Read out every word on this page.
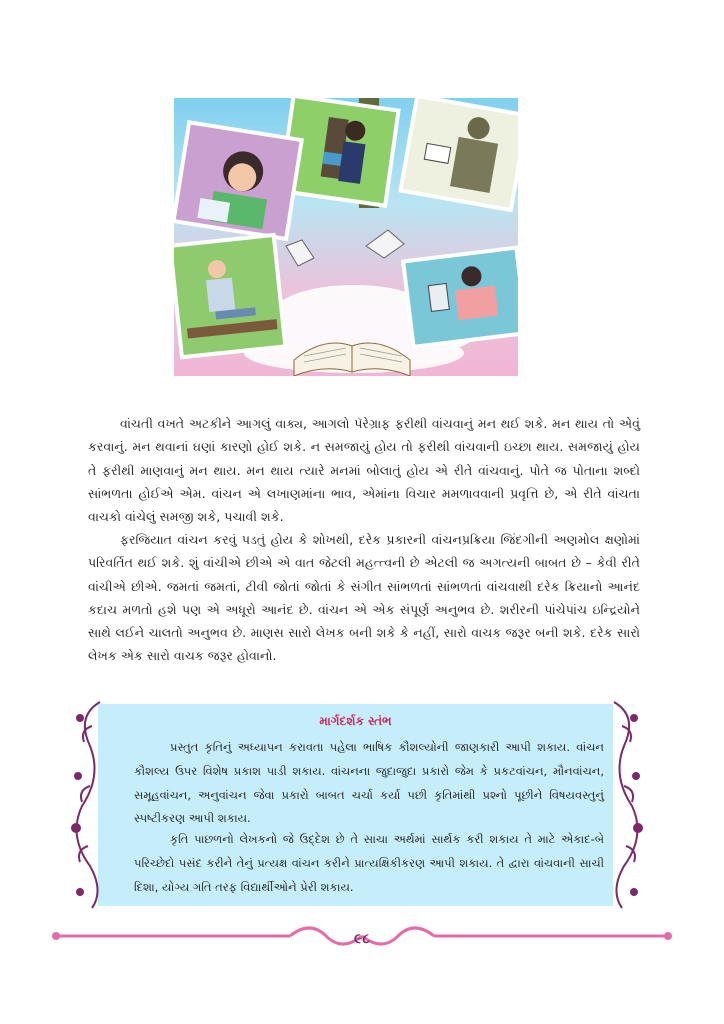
વાંચતી વખતે અટકીને આગલું વાક્ય, આગલો પૅરેગ્રાફ ફરીથી વાંચવાનું મન થઈ શકે. મન થાય તો એવું કરવાનું. મન થવાનાં ઘણાં કારણો હોઈ શકે. ન સમજાયું હોય તો ફરીથી વાંચવાની ઇચ્છા થાય. સમજાયું હોય તે ફરીથી માણવાનું મન થાય. મન થાય ત્યારે મનમાં બોલાતું હોય એ રીતે વાંચવાનું. પોતે જ પોતાના શબ્દો સાંભળતા હોઈએ એમ. વાંચન એ લખાણમાંના ભાવ, એમાંના વિચાર મમળાવવાની પ્રવૃત્તિ છે, એ રીતે વાંચતા વાચકો વાંચેલું સમજી શકે, પચાવી શકે.

ફરજિયાત વાંચન કરવું પડતું હોય કે શોખથી, દરેક પ્રકારની વાંચનપ્રક્રિયા જિંદગીની અણમોલ ક્ષણોમાં પરિવર્તિત થઈ શકે. શું વાંચીએ છીએ એ વાત જેટલી મહત્ત્વની છે એટલી જ અગત્યની બાબત છે – કેવી રીતે વાંચીએ છીએ. જમતાં જમતાં, ટીવી જોતાં જોતાં કે સંગીત સાંભળતાં સાંભળતાં વાંચવાથી દરેક ક્રિયાનો આનંદ કદાચ મળતો હશે પણ એ અધૂરો આનંદ છે. વાંચન એ એક સંપૂર્ણ અનુભવ છે. શરીરની પાંચેપાંચ ઇન્દ્રિયોને સાથે લઈને ચાલતો અનુભવ છે. માણસ સારો લેખક બની શકે કે નહીં, સારો વાચક જરૂર બની શકે. દરેક સારો લેખક એક સારો વાચક જરૂર હોવાનો.

માર્ગદર્શક સ્તંભ

પ્રસ્તુત કૃતિનું અધ્યાપન કરાવતા પહેલા ભાષિક કૌશલ્યોની જાણકારી આપી શકાય. વાંચન કૌશલ્ય ઉપર વિશેષ પ્રકાશ પાડી શકાય. વાંચનના જુદાજુદા પ્રકારો જેમ કે પ્રકટવાંચન, મૌનવાંચન, સમૂહવાંચન, અનુવાંચન જેવા પ્રકારો બાબત ચર્ચા કર્યા પછી કૃતિમાંથી પ્રશ્નો પૂછીને વિષયવસ્તુનું સ્પષ્ટીકરણ આપી શકાય.

કૃતિ પાછળનો લેખકનો જે ઉદ્દેશ છે તે સાચા અર્થમાં સાર્થક કરી શકાય તે માટે એકાદ-બે પરિચ્છેદો પસંદ કરીને તેનું પ્રત્યક્ષ વાંચન કરીને પ્રાત્યક્ષિકીકરણ આપી શકાય. તે દ્વારા વાંચવાની સાચી દિશા, યોગ્ય ગતિ તરફ વિદ્યાર્થીઓને પ્રેરી શકાય.

૯૮
